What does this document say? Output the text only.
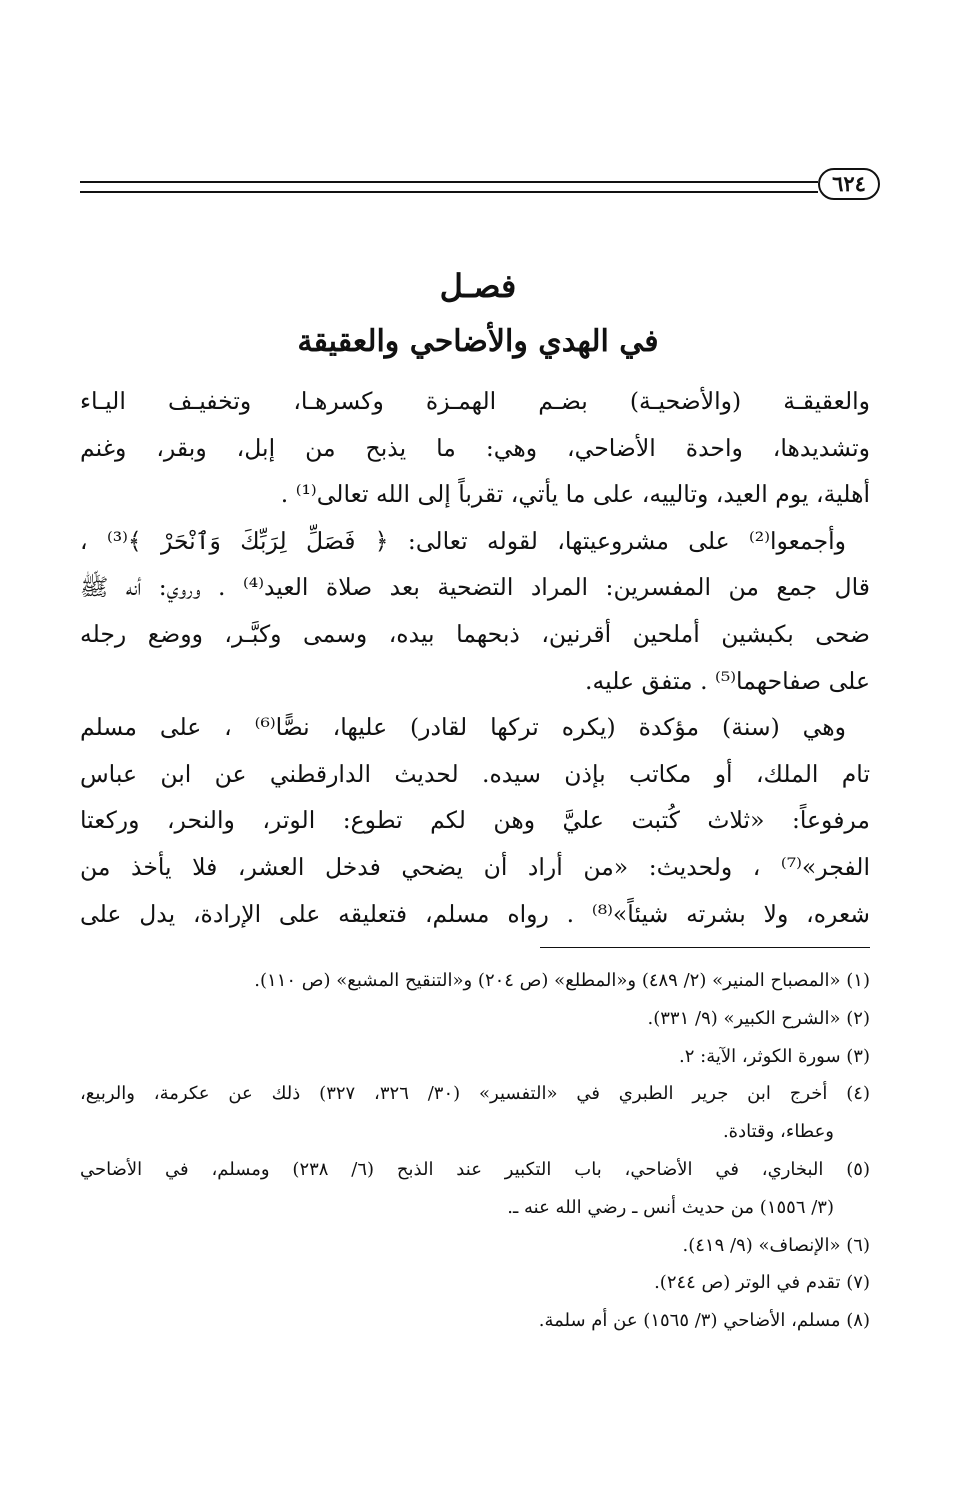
٦٢٤
فصـل
في الهدي والأضاحي والعقيقة
والعقيقـة (والأضحيـة) بضـم الهمـزة وكسرهـا، وتخفيـف اليـاء
وتشديدها، واحدة الأضاحي، وهي: ما يذبح من إبل، وبقر، وغنم
أهلية، يوم العيد، وتالييه، على ما يأتي، تقرباً إلى الله تعالى⁽¹⁾ .
وأجمعوا⁽²⁾ على مشروعيتها، لقوله تعالى: ﴿ فَصَلِّ لِرَبِّكَ وَٱنْحَرْ ﴾⁽³⁾ ،
قال جمع من المفسرين: المراد التضحية بعد صلاة العيد⁽⁴⁾ . وروي: أنه ﷺ
ضحى بكبشين أملحين أقرنين، ذبحهما بيده، وسمى وكبَّـر، ووضع رجله
على صفاحهما⁽⁵⁾ . متفق عليه.
وهي (سنة) مؤكدة (يكره تركها لقادر) عليها، نصًّا⁽⁶⁾ ، على مسلم
تام الملك، أو مكاتب بإذن سيده. لحديث الدارقطني عن ابن عباس
مرفوعاً: «ثلاث كُتبت عليَّ وهن لكم تطوع: الوتر، والنحر، وركعتا
الفجر»⁽⁷⁾ ، ولحديث: «من أراد أن يضحي فدخل العشر، فلا يأخذ من
شعره، ولا بشرته شيئاً»⁽⁸⁾ . رواه مسلم، فتعليقه على الإرادة، يدل على
(١) «المصباح المنير» (٢/ ٤٨٩) و«المطلع» (ص ٢٠٤) و«التنقيح المشبع» (ص ١١٠).
(٢) «الشرح الكبير» (٩/ ٣٣١).
(٣) سورة الكوثر، الآية: ٢.
(٤) أخرج ابن جرير الطبري في «التفسير» (٣٠/ ٣٢٦، ٣٢٧) ذلك عن عكرمة، والربيع،
وعطاء، وقتادة.
(٥) البخاري، في الأضاحي، باب التكبير عند الذبح (٦/ ٢٣٨) ومسلم، في الأضاحي
(٣/ ١٥٥٦) من حديث أنس ـ رضي الله عنه ـ.
(٦) «الإنصاف» (٩/ ٤١٩).
(٧) تقدم في الوتر (ص ٢٤٤).
(٨) مسلم، الأضاحي (٣/ ١٥٦٥) عن أم سلمة.
